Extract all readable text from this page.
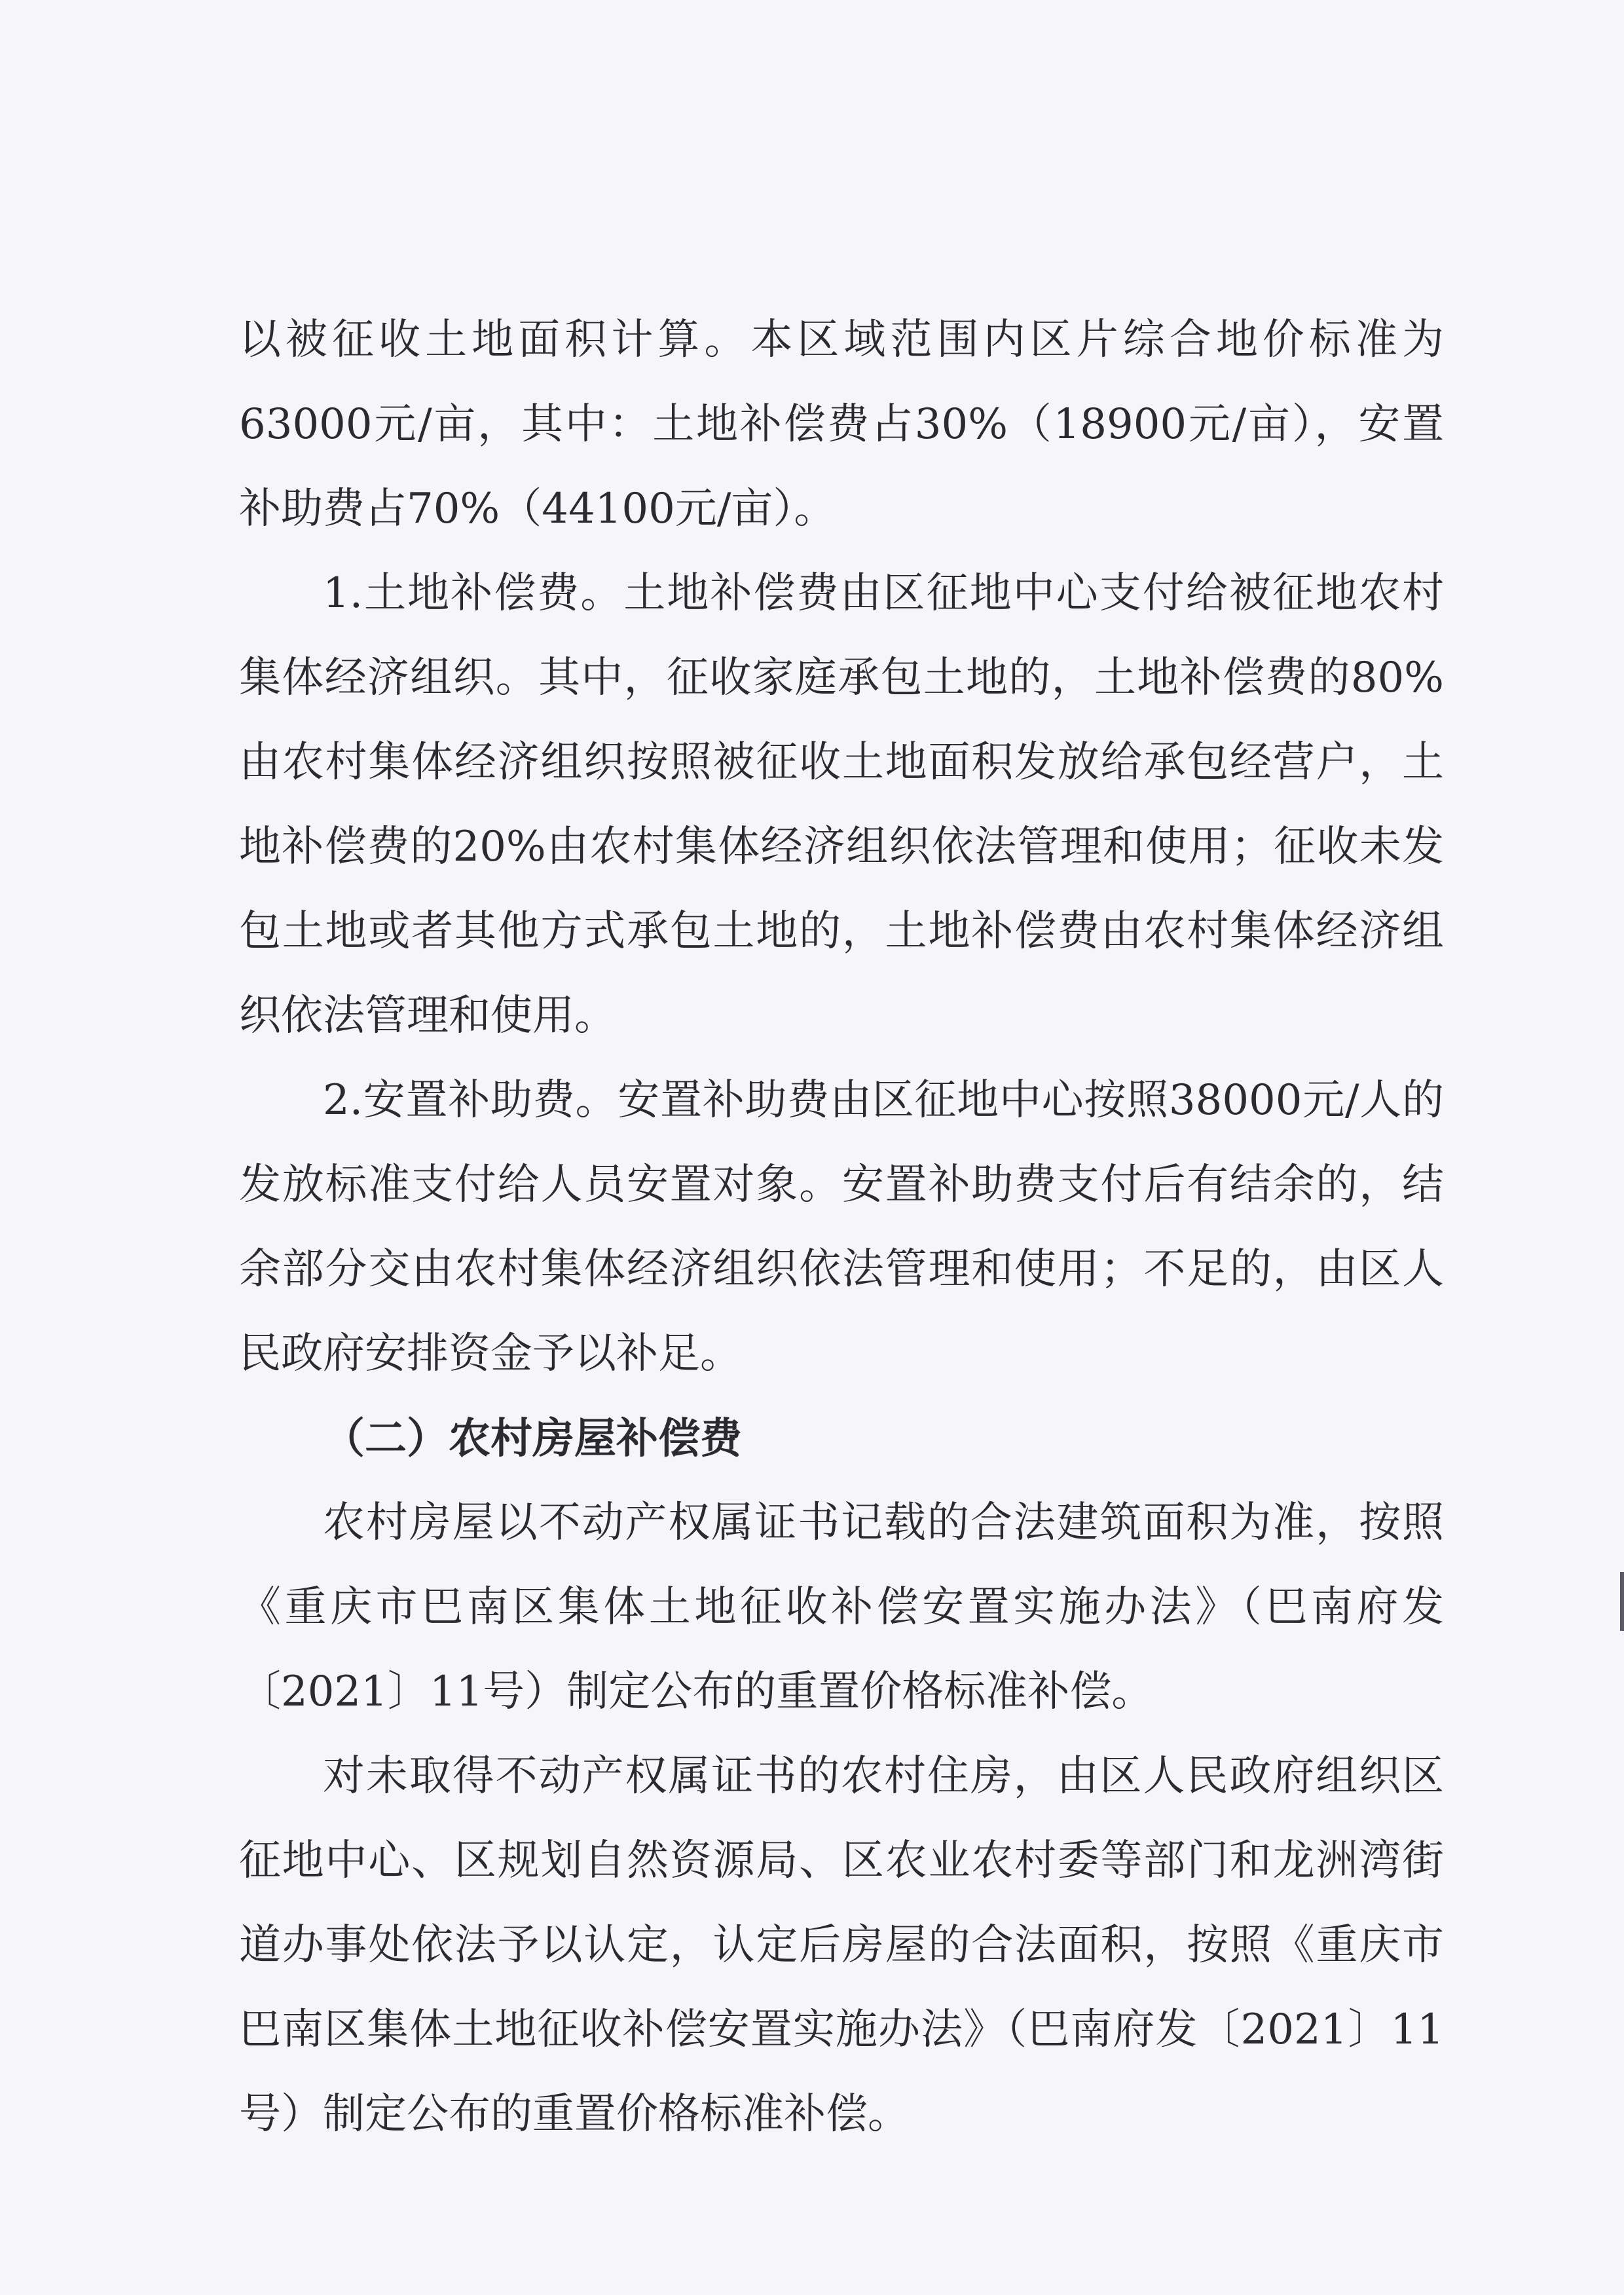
以被征收土地面积计算。本区域范围内区片综合地价标准为63000元/亩，其中：土地补偿费占30%（18900元/亩），安置补助费占70%（44100元/亩）。

1.土地补偿费。土地补偿费由区征地中心支付给被征地农村集体经济组织。其中，征收家庭承包土地的，土地补偿费的80%由农村集体经济组织按照被征收土地面积发放给承包经营户，土地补偿费的20%由农村集体经济组织依法管理和使用；征收未发包土地或者其他方式承包土地的，土地补偿费由农村集体经济组织依法管理和使用。

2.安置补助费。安置补助费由区征地中心按照38000元/人的发放标准支付给人员安置对象。安置补助费支付后有结余的，结余部分交由农村集体经济组织依法管理和使用；不足的，由区人民政府安排资金予以补足。

（二）农村房屋补偿费

农村房屋以不动产权属证书记载的合法建筑面积为准，按照《重庆市巴南区集体土地征收补偿安置实施办法》（巴南府发〔2021〕11号）制定公布的重置价格标准补偿。

对未取得不动产权属证书的农村住房，由区人民政府组织区征地中心、区规划自然资源局、区农业农村委等部门和龙洲湾街道办事处依法予以认定，认定后房屋的合法面积，按照《重庆市巴南区集体土地征收补偿安置实施办法》（巴南府发〔2021〕11号）制定公布的重置价格标准补偿。
